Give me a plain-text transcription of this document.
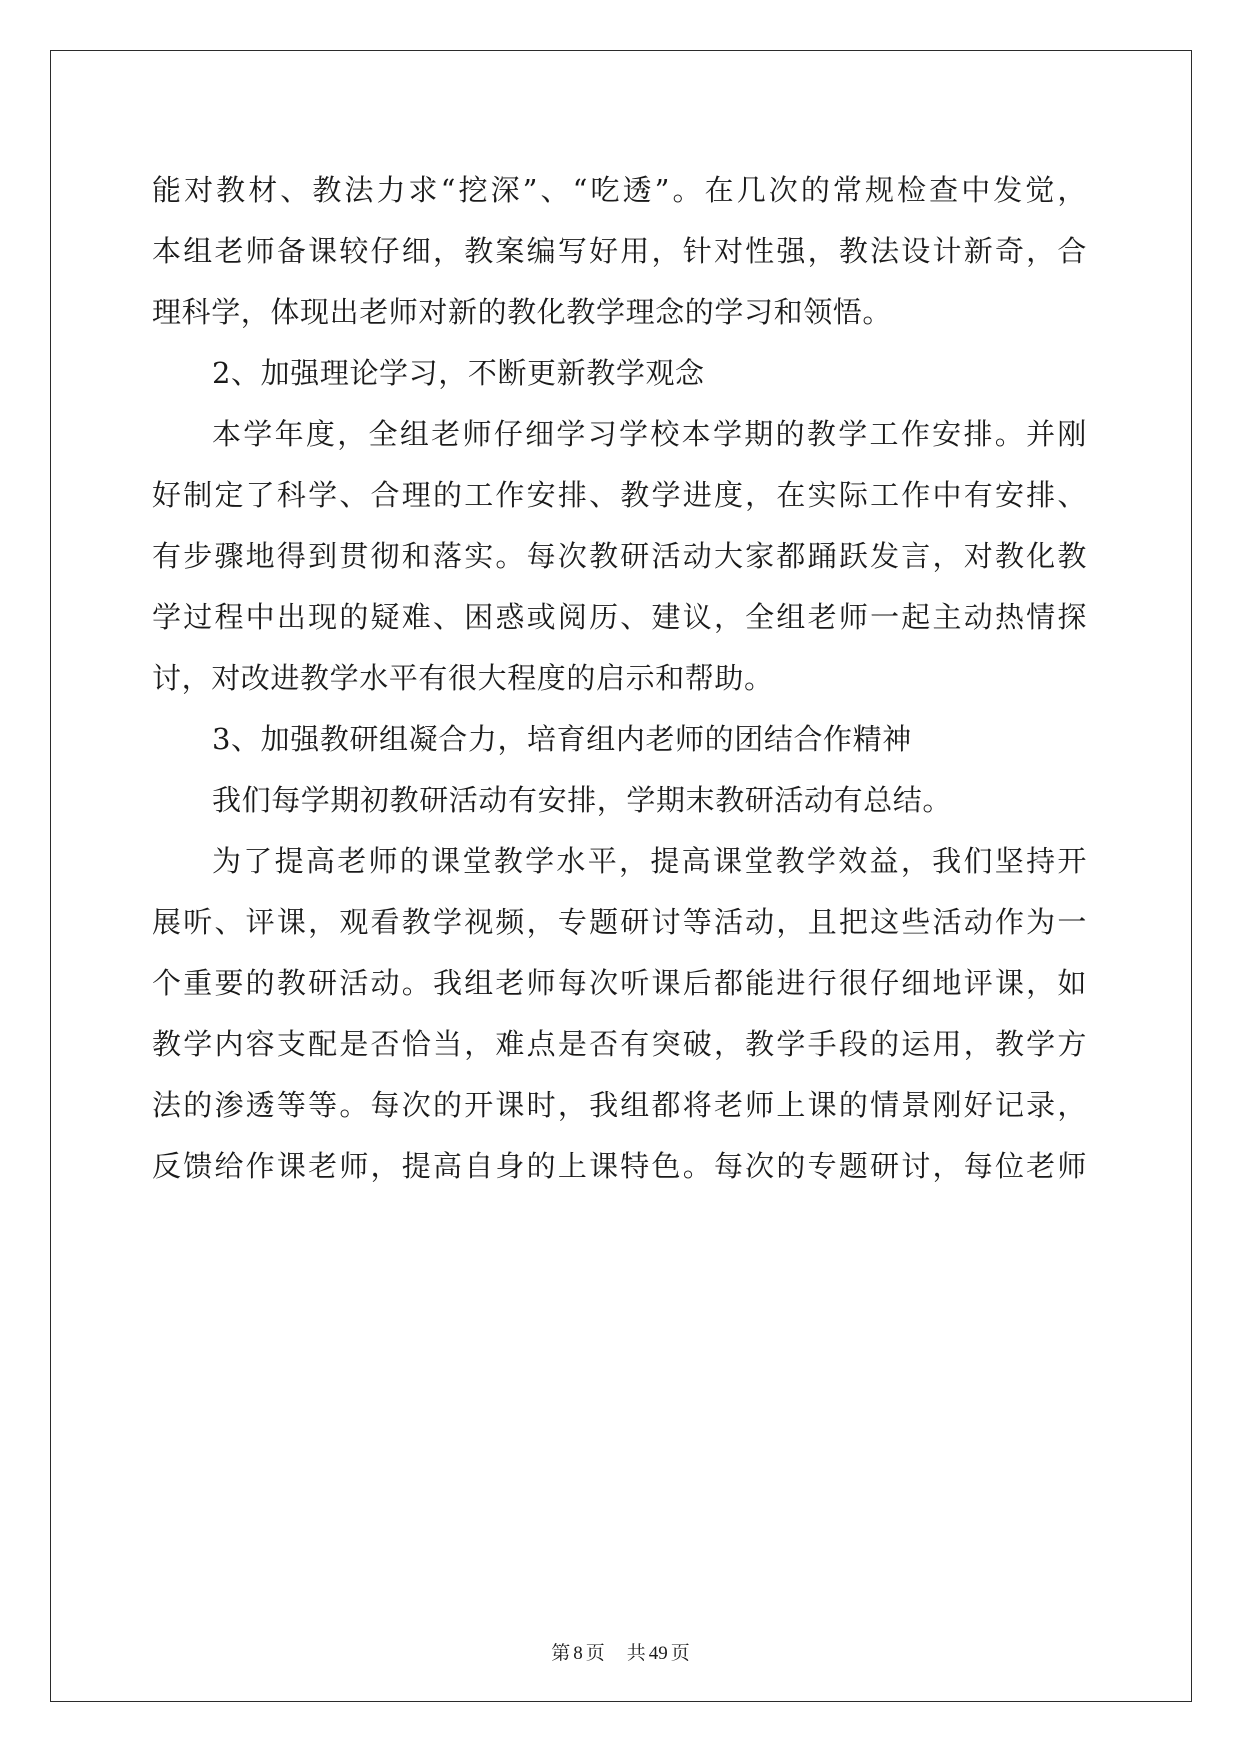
能对教材、教法力求“挖深”、“吃透”。在几次的常规检查中发觉，
本组老师备课较仔细，教案编写好用，针对性强，教法设计新奇，合
理科学，体现出老师对新的教化教学理念的学习和领悟。
2、加强理论学习，不断更新教学观念
本学年度，全组老师仔细学习学校本学期的教学工作安排。并刚
好制定了科学、合理的工作安排、教学进度，在实际工作中有安排、
有步骤地得到贯彻和落实。每次教研活动大家都踊跃发言，对教化教
学过程中出现的疑难、困惑或阅历、建议，全组老师一起主动热情探
讨，对改进教学水平有很大程度的启示和帮助。
3、加强教研组凝合力，培育组内老师的团结合作精神
我们每学期初教研活动有安排，学期末教研活动有总结。
为了提高老师的课堂教学水平，提高课堂教学效益，我们坚持开
展听、评课，观看教学视频，专题研讨等活动，且把这些活动作为一
个重要的教研活动。我组老师每次听课后都能进行很仔细地评课，如
教学内容支配是否恰当，难点是否有突破，教学手段的运用，教学方
法的渗透等等。每次的开课时，我组都将老师上课的情景刚好记录，
反馈给作课老师，提高自身的上课特色。每次的专题研讨，每位老师
第 8 页 共 49 页
